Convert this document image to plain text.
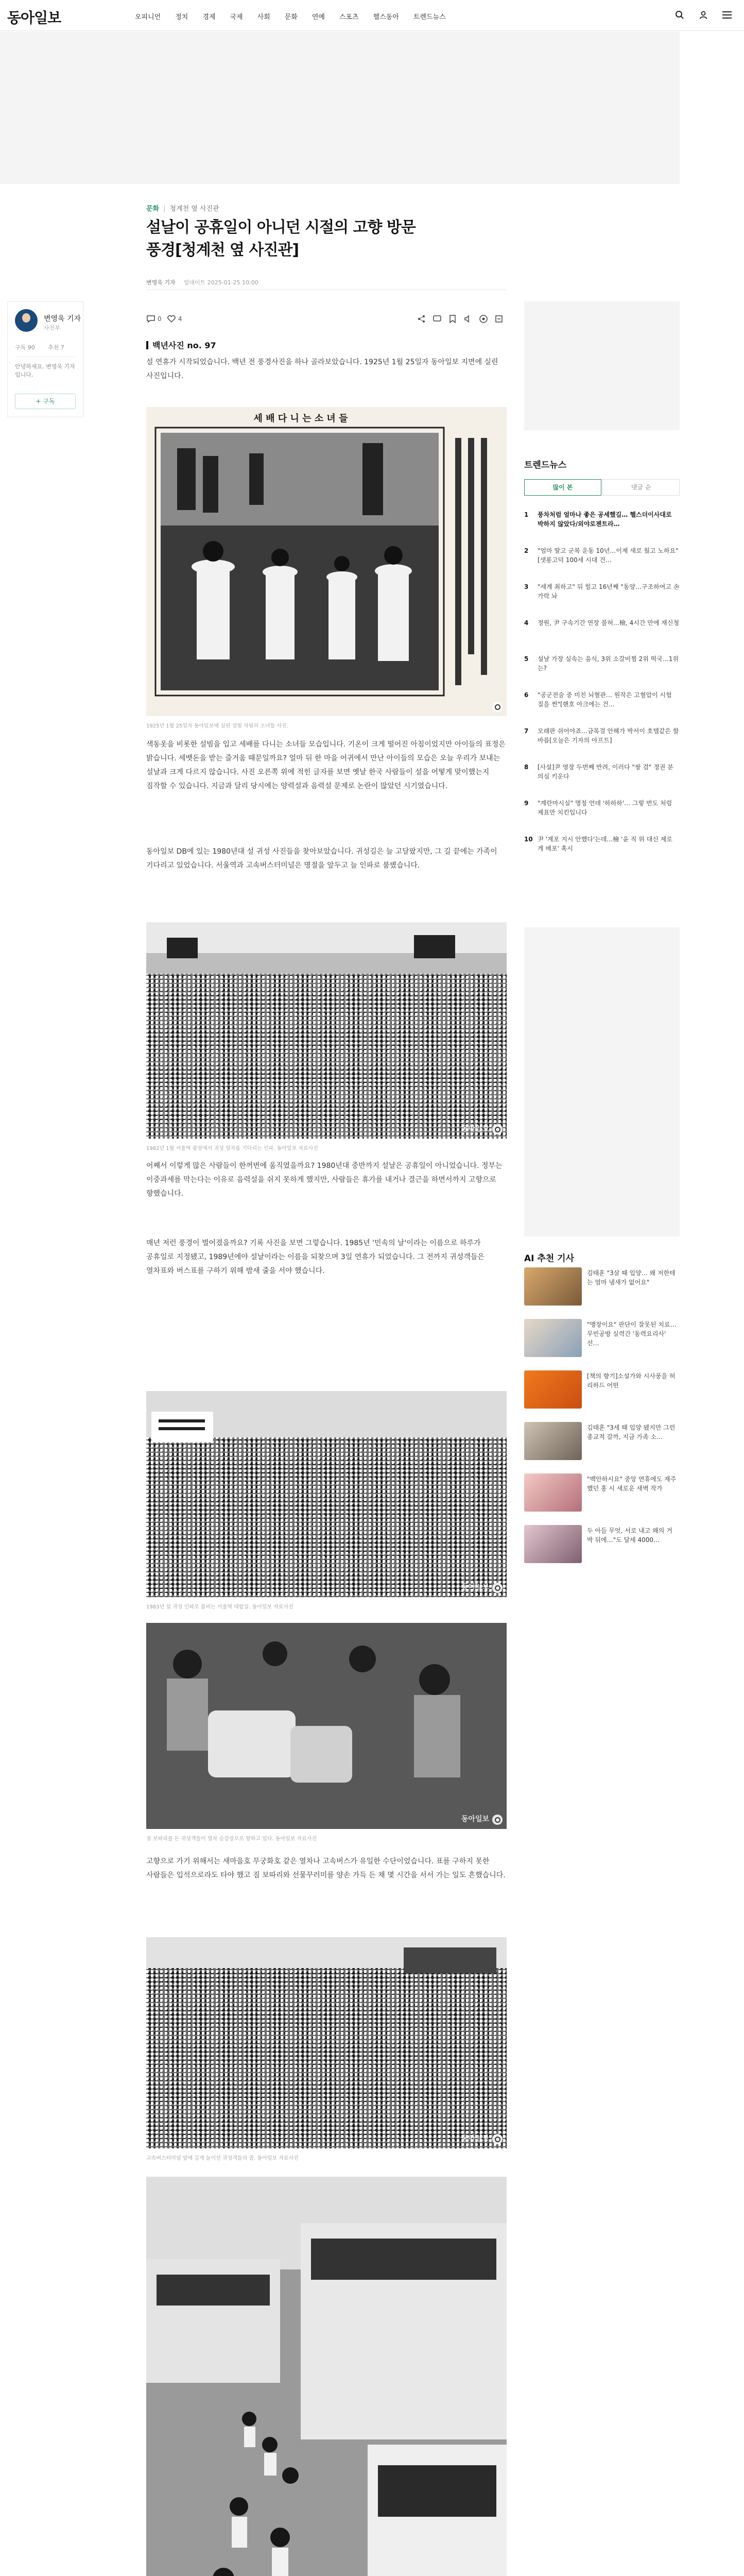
동아일보	오피니언 정치 경제 국제 사회 문화 연예 스포츠 헬스동아 트렌드뉴스
문화 | 청계천 옆 사진관
설날이 공휴일이 아니던 시절의 고향 방문
풍경[청계천 옆 사진관]
변영욱 기자 업데이트 2025-01-25 10:00
변영욱 기자
사진부
구독 90 추천 7
안녕하세요. 변영욱 기자입니다.
+ 구독
0	4
백년사진 no. 97
설 연휴가 시작되었습니다. 백년 전 풍경사진을 하나 골라보았습니다. 1925년 1월 25일자 동아일보 지면에 실린 사진입니다.
세 배 다 니 는 소 녀 들
1925년 1월 25일자 동아일보에 실린 설빔 차림의 소녀들 사진.
색동옷을 비롯한 설빔을 입고 세배를 다니는 소녀들 모습입니다. 기온이 크게 떨어진 아침이었지만 아이들의 표정은 밝습니다. 세뱃돈을 받는 즐거움 때문일까요? 얼마 뒤 한 마을 어귀에서 만난 아이들의 모습은 오늘 우리가 보내는 설날과 크게 다르지 않습니다. 사진 오른쪽 위에 적힌 글자를 보면 옛날 한국 사람들이 설을 어떻게 맞이했는지 짐작할 수 있습니다. 지금과 달리 당시에는 양력설과 음력설 문제로 논란이 많았던 시기였습니다.
동아일보 DB에 있는 1980년대 설 귀성 사진들을 찾아보았습니다. 귀성길은 늘 고달팠지만, 그 길 끝에는 가족이 기다리고 있었습니다. 서울역과 고속버스터미널은 명절을 앞두고 늘 인파로 붐볐습니다.
동아일보
1982년 1월 서울역 광장에서 귀성 열차를 기다리는 인파. 동아일보 자료사진
어째서 이렇게 많은 사람들이 한꺼번에 움직였을까요? 1980년대 중반까지 설날은 공휴일이 아니었습니다. 정부는 이중과세를 막는다는 이유로 음력설을 쉬지 못하게 했지만, 사람들은 휴가를 내거나 결근을 하면서까지 고향으로 향했습니다.
매년 저런 풍경이 벌어졌을까요? 기록 사진을 보면 그렇습니다. 1985년 '민속의 날'이라는 이름으로 하루가 공휴일로 지정됐고, 1989년에야 설날이라는 이름을 되찾으며 3일 연휴가 되었습니다. 그 전까지 귀성객들은 열차표와 버스표를 구하기 위해 밤새 줄을 서야 했습니다.
동아일보
1983년 설 귀성 인파로 붐비는 서울역 대합실. 동아일보 자료사진
동아일보
짐 보따리를 든 귀성객들이 열차 승강장으로 향하고 있다. 동아일보 자료사진
고향으로 가기 위해서는 새마을호 무궁화호 같은 열차나 고속버스가 유일한 수단이었습니다. 표를 구하지 못한 사람들은 입석으로라도 타야 했고 짐 보따리와 선물꾸러미를 양손 가득 든 채 몇 시간을 서서 가는 일도 흔했습니다.
동아일보
고속버스터미널 앞에 길게 늘어선 귀성객들의 줄. 동아일보 자료사진
트렌드뉴스
많이 본	댓글 순
1	풍차처럼 얼마나 좋은 공세했길… 헬스더이사대로 박하지 않았다/외야로젠트라…
2	"엄마 딸고 군복 운동 10년…이제 새로 웠고 노하요"[샛롱고덕 100세 시대 건…
3	"세계 최하고" 뒤 힐고 16년째 "동양…구조하여고 손가락 놔
4	정원, 尹 구속기간 연장 불허…檢, 4시간 만에 재신청
5	설날 가장 실속는 음식, 3위 소갈비찜 2위 떡국…1위는?
6	"공군전술 중 미친 뇌혈관… 원작은 고혈압이 시험 질을 쩐"[핸호 아크에는 건…
7	모래판 쉬어야죠…금목걸 안해가 박서이 호텔같은 할바름[오늘은 기자의 아프트]
8	[사설]尹 영장 두번째 반려, 이러다 "쌍 검" 정권 분 의심 키운다
9	"계란마시실" 명칭 언데 '하하하'… 그렇 번도 처럼 제표만 치킨입니다
10 尹 '계포 지시 안했다'는데…檢 '윤 직 위 대신 제로 게 배포' 혹시
AI 추천 기사
김태훈 "3살 때 입양… 왜 저한테는 엄마 냄새가 없어요"
"맹장이요" 판단이 잘못된 치료… 무빈공방 실력간 '동력요리사' 선…
[책의 향기]소설가와 시사풍을 허리하드 어떤
김태훈 "3세 때 입양 됐지만 그런 종교적 갈까, 지금 가족 소…
"백안하시요" 중앙 연휴에도 재주했던 홍 시 새로운 새벽 작가
두 아들 무엇, 서로 내고 왜의 거 박 뒤에…"도 달세 4000…
